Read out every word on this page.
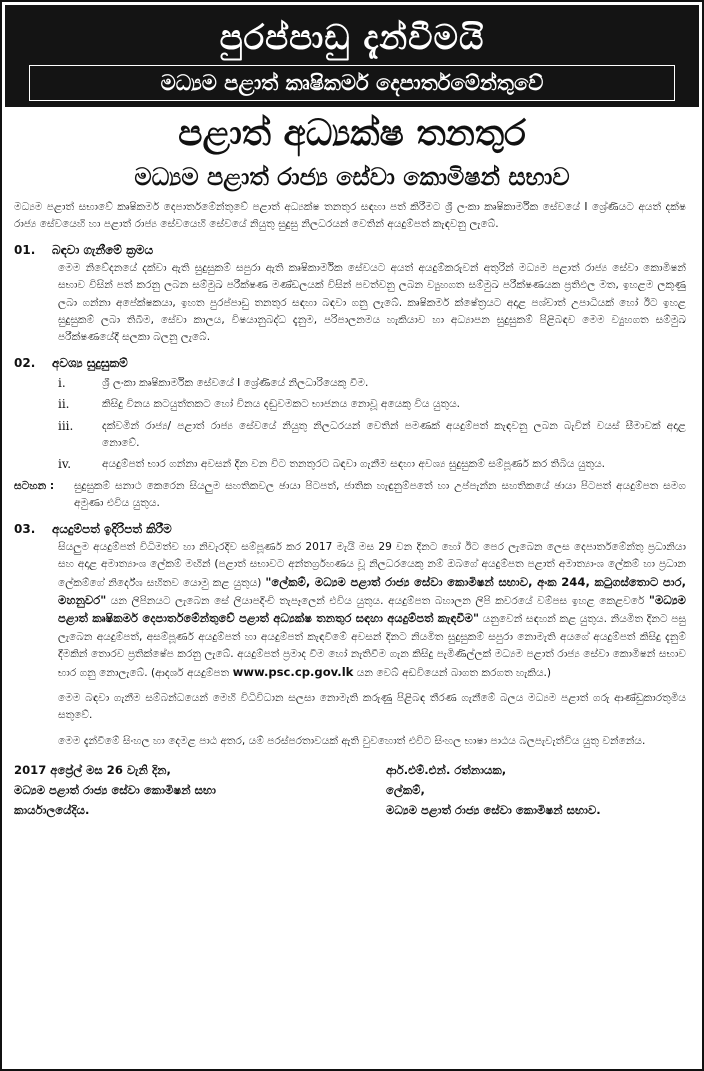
පුරප්පාඩු දැන්වීමයි
මධ්‍යම පළාත් කෘෂිකර්ම දෙපාර්තමේන්තුවේ
පළාත් අධ්‍යක්ෂ තනතුර
මධ්‍යම පළාත් රාජ්‍ය සේවා කොමිෂන් සභාව

මධ්‍යම පළාත් සභාවේ කෘෂිකර්ම දෙපාර්තමේන්තුවේ පළාත් අධ්‍යක්ෂ තනතුර සඳහා පත් කිරීමට ශ්‍රී ලංකා කෘෂිකාර්මික සේවයේ I ශ්‍රේණියට අයත් දක්ෂ රාජ්‍ය සේවයෙහි හා පළාත් රාජ්‍ය සේවයෙහි සේවයේ නියුතු සුදුසු නිලධරයන් වෙතින් අයදුම්පත් කැඳවනු ලැබේ.

01. බඳවා ගැනීමේ ක්‍රමය

මෙම නිවේදනයේ දක්වා ඇති සුදුසුකම් සපුරා ඇති කෘෂිකාර්මික සේවයට අයත් අයදුම්කරුවන් අතුරින් මධ්‍යම පළාත් රාජ්‍ය සේවා කොමිෂන් සභාව විසින් පත් කරනු ලබන සම්මුඛ පරීක්ෂණ මණ්ඩලයක් විසින් පවත්වනු ලබන ව්‍යුහගත සම්මුඛ පරීක්ෂණයක ප්‍රතිඵල මත, ඉහළම ලකුණු ලබා ගන්නා අපේක්ෂකයා, ඉහත පුරප්පාඩු තනතුර සඳහා බඳවා ගනු ලැබේ. කෘෂිකර්ම ක්ෂේත්‍රයට අදාළ පශ්චාත් උපාධියක් හෝ ඊට ඉහළ සුදුසුකම් ලබා තිබීම, සේවා කාලය, විෂයානුබද්ධ දැනුම, පරිපාලනමය හැකියාව හා අධ්‍යාපන සුදුසුකම් පිළිබඳව මෙම ව්‍යුහගත සම්මුඛ පරීක්ෂණයේදී සලකා බලනු ලැබේ.

02. අවශ්‍ය සුදුසුකම්
i.	ශ්‍රී ලංකා කෘෂිකාර්මික සේවයේ I ශ්‍රේණියේ නිලධාරියෙකු වීම.
ii.	කිසිදු විනය කටයුත්තකට හෝ විනය දඬුවමකට භාජනය නොවූ අයෙකු විය යුතුය.
iii.	දක්වමින් රාජ්‍ය/ පළාත් රාජ්‍ය සේවයේ නියුතු නිලධරයන් වෙතින් පමණක් අයදුම්පත් කැඳවනු ලබන බැවින් වයස් සීමාවක් අදාළ නොවේ.
iv.	අයදුම්පත් භාර ගන්නා අවසන් දින වන විට තනතුරට බඳවා ගැනීම සඳහා අවශ්‍ය සුදුසුකම් සම්පූර්ණ කර තිබිය යුතුය.
සටහන :	සුදුසුකම් සනාථ කෙරෙන සියලුම සහතිකවල ඡායා පිටපත්, ජාතික හැඳුනුම්පතේ හා උප්පැන්න සහතිකයේ ඡායා පිටපත් අයදුම්පත සමග අමුණා එවිය යුතුය.
03. අයදුම්පත් ඉදිරිපත් කිරීම

සියලුම අයදුම්පත් විධිමත්ව හා නිවැරදිව සම්පූර්ණ කර 2017 මැයි මස 29 වන දිනට හෝ ඊට පෙර ලැබෙන ලෙස දෙපාර්තමේන්තු ප්‍රධානියා සහ අදාළ අමාත්‍යාංශ ලේකම් මඟින් (පළාත් සභාවට අන්තර්ග්‍රහණය වූ නිලධරයෙකු නම් ඔබගේ අයදුම්පත පළාත් අමාත්‍යාංශ ලේකම් හා ප්‍රධාන ලේකම්ගේ නිර්දේශ සහිතව යොමු කළ යුතුය) "ලේකම්, මධ්‍යම පළාත් රාජ්‍ය සේවා කොමිෂන් සභාව, අංක 244, කටුගස්තොට පාර, මහනුවර" යන ලිපිනයට ලැබෙන සේ ලියාපදිංචි තැපෑලෙන් එවිය යුතුය. අයදුම්පත බහාලන ලිපි කවරයේ වම්පස ඉහළ කෙළවරේ "මධ්‍යම පළාත් කෘෂිකර්ම දෙපාර්තමේන්තුවේ පළාත් අධ්‍යක්ෂ තනතුර සඳහා අයදුම්පත් කැඳවීම" යනුවෙන් සඳහන් කළ යුතුය. නියමිත දිනට පසු ලැබෙන අයදුම්පත්, අසම්පූර්ණ අයදුම්පත් හා අයදුම්පත් කැඳවීමේ අවසන් දිනට නියමිත සුදුසුකම් සපුරා නොමැති අයගේ අයදුම්පත් කිසිදු දැනුම් දීමකින් තොරව ප්‍රතික්ෂේප කරනු ලැබේ. අයදුම්පත් ප්‍රමාද වීම හෝ නැතිවීම ගැන කිසිදු පැමිණිල්ලක් මධ්‍යම පළාත් රාජ්‍ය සේවා කොමිෂන් සභාව භාර ගනු නොලැබේ. (ආදර්ශ අයදුම්පත www.psc.cp.gov.lk යන වෙබ් අඩවියෙන් බාගත කරගත හැකිය.)

මෙම බඳවා ගැනීම සම්බන්ධයෙන් මෙහි විධිවිධාන සලසා නොමැති කරුණු පිළිබඳ තීරණ ගැනීමේ බලය මධ්‍යම පළාත් ගරු ආණ්ඩුකාරතුමිය සතුවේ.

මෙම දැන්වීමේ සිංහල හා දෙමළ පාඨ අතර, යම් පරස්පරතාවයක් ඇති වුවහොත් එවිට සිංහල භාෂා පාඨය බලපැවැත්විය යුතු වන්නේය.

2017 අප්‍රේල් මස 26 වැනි දින,
මධ්‍යම පළාත් රාජ්‍ය සේවා කොමිෂන් සභා
කාර්යාලයේදිය.
ආර්.එම්.එන්. රත්නායක,
ලේකම්,
මධ්‍යම පළාත් රාජ්‍ය සේවා කොමිෂන් සභාව.
